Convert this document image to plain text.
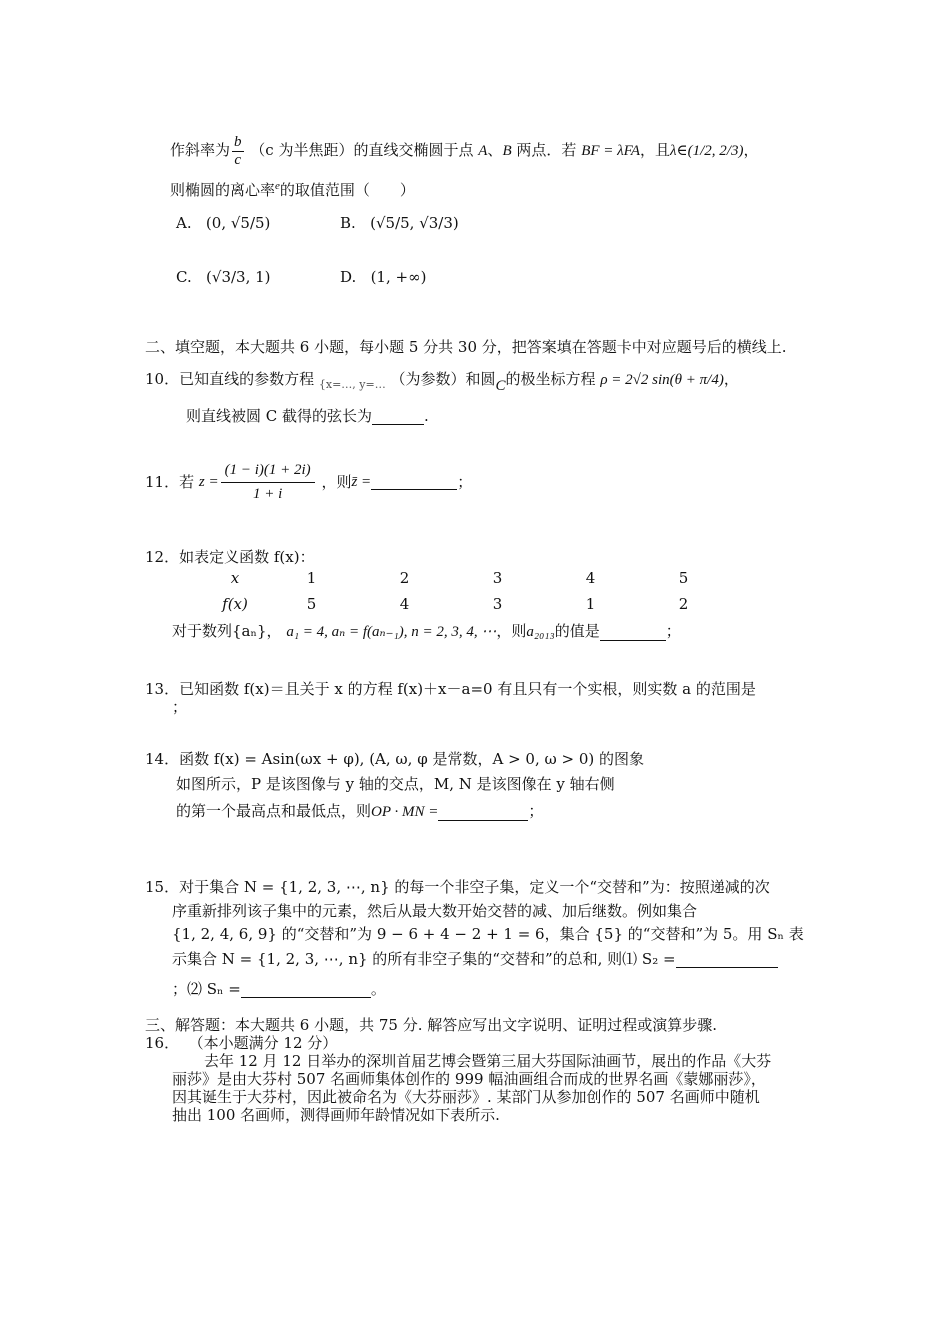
作斜率为 $\frac{b}{c} (c$ 为半焦距）的直线交椭圆于点 A、B 两点．若 BF = λFA，且λ∈(1/2, 2/3)，
则椭圆的离心率$^e$的取值范围（　　）
A. (0, √5/5)	B. (√5/5, √3/3)
C. (√3/3, 1)	D. (1, +∞)
二、填空题，本大题共 6 小题，每小题 5 分共 30 分，把答案填在答题卡中对应题号后的横线上.
10．已知直线的参数方程 $_{\{x=\dots, y=\dots}$ （为参数）和圆C的极坐标方程 ρ = 2√2 sin(θ + π/4)，
则直线被圆 C 截得的弦长为	.
11．若 $z = \frac{(1 - i)(1 + 2i)}{1 + i}$ ，则z̄ =	；
12．如表定义函数 f(x)：
x	1	2	3	4	5
f(x)	5	4	3	1	2
对于数列{aₙ}， a₁ = 4, aₙ = f(aₙ₋₁), n = 2, 3, 4, ⋯，则a₂₀₁₃的值是	；
13．已知函数 f(x)＝且关于 x 的方程 f(x)＋x－a=0 有且只有一个实根，则实数 a 的范围是
；
14．函数 f(x) = Asin(ωx + φ), (A, ω, φ 是常数，A > 0, ω > 0) 的图象
如图所示，P 是该图像与 y 轴的交点，M, N 是该图像在 y 轴右侧
的第一个最高点和最低点，则OP · MN =	；
15．对于集合 N = {1, 2, 3, ⋯, n} 的每一个非空子集，定义一个“交替和”为：按照递减的次
序重新排列该子集中的元素，然后从最大数开始交替的减、加后继数。例如集合
{1, 2, 4, 6, 9} 的“交替和”为 9 − 6 + 4 − 2 + 1 = 6，集合 {5} 的“交替和”为 5。用 Sₙ 表
示集合 N = {1, 2, 3, ⋯, n} 的所有非空子集的“交替和”的总和, 则⑴ S₂ =
；⑵ Sₙ =	。
三、解答题：本大题共 6 小题，共 75 分. 解答应写出文字说明、证明过程或演算步骤.
16． （本小题满分 12 分）
去年 12 月 12 日举办的深圳首届艺博会暨第三届大芬国际油画节，展出的作品《大芬
丽莎》是由大芬村 507 名画师集体创作的 999 幅油画组合而成的世界名画《蒙娜丽莎》，
因其诞生于大芬村，因此被命名为《大芬丽莎》. 某部门从参加创作的 507 名画师中随机
抽出 100 名画师，测得画师年龄情况如下表所示.
